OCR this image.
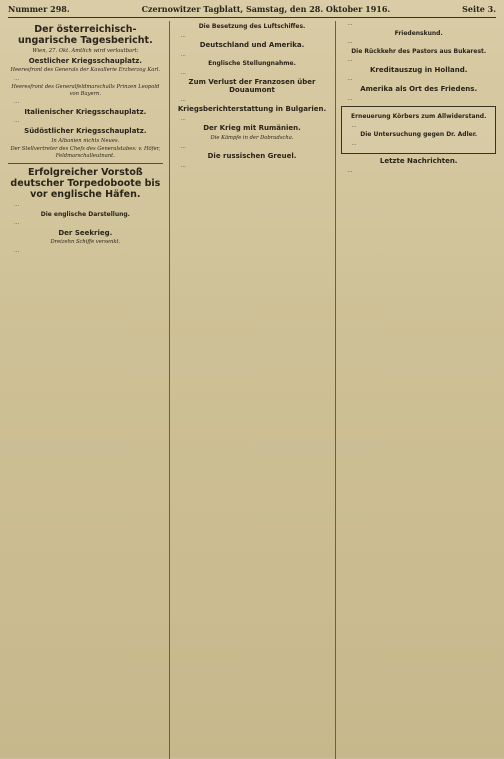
Nummer 298.	Czernowitzer Tagblatt, Samstag, den 28. Oktober 1916.	Seite 3.
Der österreichisch-ungarische Tagesbericht.
Wien, 27. Okt. Amtlich wird verlautbart:
Oestlicher Kriegsschauplatz.
Heeresfront des Generals der Kavallerie Erzherzog Karl.

…

Heeresfront des Generalfeldmarschalls Prinzen Leopold von Bayern.

…

Italienischer Kriegsschauplatz.

…

Südöstlicher Kriegsschauplatz.
In Albanien nichts Neues.
Der Stellvertreter des Chefs des Generalstabes: v. Höfer, Feldmarschalleutnant.
Erfolgreicher Vorstoß deutscher Torpedoboote bis vor englische Häfen.

…

Die englische Darstellung.

…

Der Seekrieg.
Dreizehn Schiffe versenkt.

…

Die Besetzung des Luftschiffes.

…

Deutschland und Amerika.

…

Englische Stellungnahme.

…

Zum Verlust der Franzosen über Douaumont

…

Kriegsberichterstattung in Bulgarien.

…

Der Krieg mit Rumänien.
Die Kämpfe in der Dobrudscha.

…

Die russischen Greuel.

…

…

Friedenskund.

…

Die Rückkehr des Pastors aus Bukarest.

…

Kreditauszug in Holland.

…

Amerika als Ort des Friedens.

…

Erneuerung Körbers zum Allwiderstand.

…

Die Untersuchung gegen Dr. Adler.

…

Letzte Nachrichten.

…
